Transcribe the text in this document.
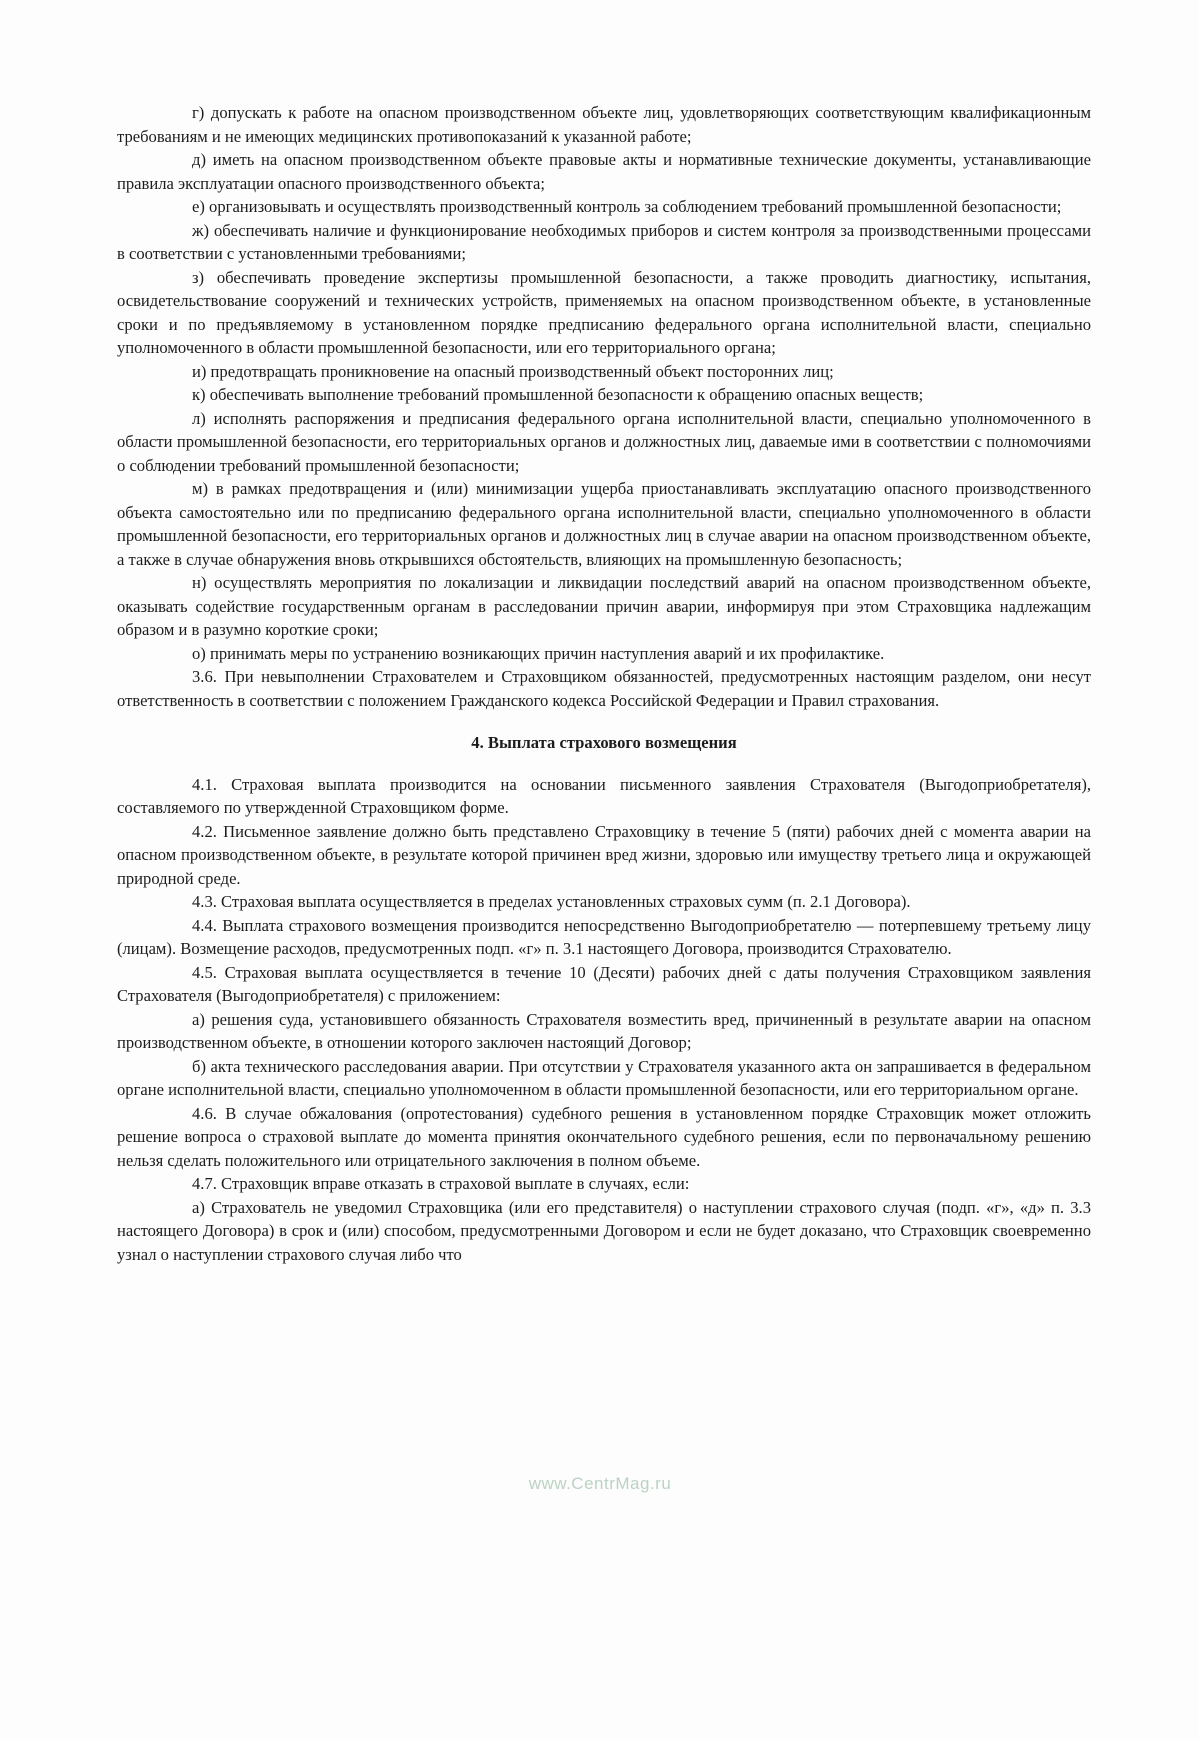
г) допускать к работе на опасном производственном объекте лиц, удовлетворяющих соответствующим квалификационным требованиям и не имеющих медицинских противопоказаний к указанной работе;

д) иметь на опасном производственном объекте правовые акты и нормативные технические документы, устанавливающие правила эксплуатации опасного производственного объекта;

е) организовывать и осуществлять производственный контроль за соблюдением требований промышленной безопасности;

ж) обеспечивать наличие и функционирование необходимых приборов и систем контроля за производственными процессами в соответствии с установленными требованиями;

з) обеспечивать проведение экспертизы промышленной безопасности, а также проводить диагностику, испытания, освидетельствование сооружений и технических устройств, применяемых на опасном производственном объекте, в установленные сроки и по предъявляемому в установленном порядке предписанию федерального органа исполнительной власти, специально уполномоченного в области промышленной безопасности, или его территориального органа;

и) предотвращать проникновение на опасный производственный объект посторонних лиц;

к) обеспечивать выполнение требований промышленной безопасности к обращению опасных веществ;

л) исполнять распоряжения и предписания федерального органа исполнительной власти, специально уполномоченного в области промышленной безопасности, его территориальных органов и должностных лиц, даваемые ими в соответствии с полномочиями о соблюдении требований промышленной безопасности;

м) в рамках предотвращения и (или) минимизации ущерба приостанавливать эксплуатацию опасного производственного объекта самостоятельно или по предписанию федерального органа исполнительной власти, специально уполномоченного в области промышленной безопасности, его территориальных органов и должностных лиц в случае аварии на опасном производственном объекте, а также в случае обнаружения вновь открывшихся обстоятельств, влияющих на промышленную безопасность;

н) осуществлять мероприятия по локализации и ликвидации последствий аварий на опасном производственном объекте, оказывать содействие государственным органам в расследовании причин аварии, информируя при этом Страховщика надлежащим образом и в разумно короткие сроки;

о) принимать меры по устранению возникающих причин наступления аварий и их профилактике.

3.6. При невыполнении Страхователем и Страховщиком обязанностей, предусмотренных настоящим разделом, они несут ответственность в соответствии с положением Гражданского кодекса Российской Федерации и Правил страхования.

4. Выплата страхового возмещения

4.1. Страховая выплата производится на основании письменного заявления Страхователя (Выгодоприобретателя), составляемого по утвержденной Страховщиком форме.

4.2. Письменное заявление должно быть представлено Страховщику в течение 5 (пяти) рабочих дней с момента аварии на опасном производственном объекте, в результате которой причинен вред жизни, здоровью или имуществу третьего лица и окружающей природной среде.

4.3. Страховая выплата осуществляется в пределах установленных страховых сумм (п. 2.1 Договора).

4.4. Выплата страхового возмещения производится непосредственно Выгодоприобретателю — потерпевшему третьему лицу (лицам). Возмещение расходов, предусмотренных подп. «г» п. 3.1 настоящего Договора, производится Страхователю.

4.5. Страховая выплата осуществляется в течение 10 (Десяти) рабочих дней с даты получения Страховщиком заявления Страхователя (Выгодоприобретателя) с приложением:

а) решения суда, установившего обязанность Страхователя возместить вред, причиненный в результате аварии на опасном производственном объекте, в отношении которого заключен настоящий Договор;

б) акта технического расследования аварии. При отсутствии у Страхователя указанного акта он запрашивается в федеральном органе исполнительной власти, специально уполномоченном в области промышленной безопасности, или его территориальном органе.

4.6. В случае обжалования (опротестования) судебного решения в установленном порядке Страховщик может отложить решение вопроса о страховой выплате до момента принятия окончательного судебного решения, если по первоначальному решению нельзя сделать положительного или отрицательного заключения в полном объеме.

4.7. Страховщик вправе отказать в страховой выплате в случаях, если:

а) Страхователь не уведомил Страховщика (или его представителя) о наступлении страхового случая (подп. «г», «д» п. 3.3 настоящего Договора) в срок и (или) способом, предусмотренными Договором и если не будет доказано, что Страховщик своевременно узнал о наступлении страхового случая либо что

www.CentrMag.ru
